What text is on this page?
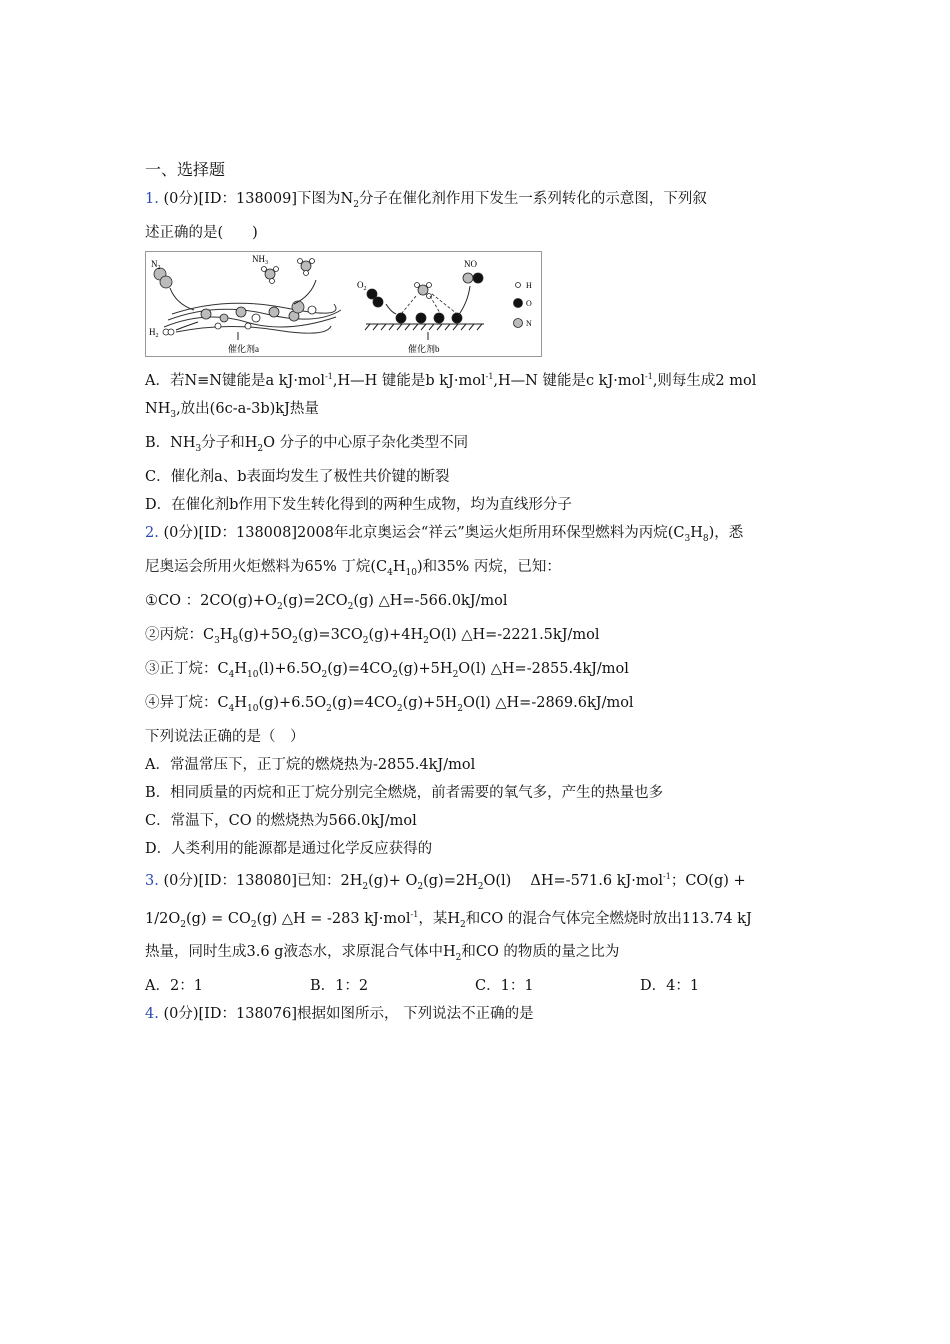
一、选择题
1. (0分)[ID：138009]下图为$N_2$分子在催化剂作用下发生一系列转化的示意图，下列叙
述正确的是(　　)
$N_2$
$H_2$
$NH_3$
催化剂a
$O_2$
NO
催化剂b
H
O
N
A．若N≡N键能是a kJ·mol$^{-1}$,H—H 键能是b kJ·mol$^{-1}$,H—N 键能是c kJ·mol$^{-1}$,则每生成2 mol
$NH_3$,放出(6c-a-3b)kJ热量
B．$NH_3$分子和$H_2O$ 分子的中心原子杂化类型不同
C．催化剂a、b表面均发生了极性共价键的断裂
D．在催化剂b作用下发生转化得到的两种生成物，均为直线形分子
2. (0分)[ID：138008]2008年北京奥运会“祥云”奥运火炬所用环保型燃料为丙烷$(C_3H_8)$，悉
尼奥运会所用火炬燃料为65% 丁烷$(C_4H_{10})$和35% 丙烷，已知：
①CO ：$2CO(g)+O_2(g)=2CO_2(g)$ △H=-566.0kJ/mol
②丙烷：$C_3H_8(g)+5O_2(g)=3CO_2(g)+4H_2O(l)$ △H=-2221.5kJ/mol
③正丁烷：$C_4H_{10}(l)+6.5O_2(g)=4CO_2(g)+5H_2O(l)$ △H=-2855.4kJ/mol
④异丁烷：$C_4H_{10}(g)+6.5O_2(g)=4CO_2(g)+5H_2O(l)$ △H=-2869.6kJ/mol
下列说法正确的是（　）
A．常温常压下，正丁烷的燃烧热为-2855.4kJ/mol
B．相同质量的丙烷和正丁烷分别完全燃烧，前者需要的氧气多，产生的热量也多
C．常温下，CO 的燃烧热为566.0kJ/mol
D．人类利用的能源都是通过化学反应获得的
3. (0分)[ID：138080]已知：$2H_2(g)+ O_2(g)=2H_2O(l)$　 ΔH=-571.6 kJ·mol$^{-1}$；CO(g) +
$1/2O_2(g) = CO_2(g)$ △H = -283 kJ·mol$^{-1}$，某$H_2$和CO 的混合气体完全燃烧时放出113.74 kJ
热量，同时生成3.6 g液态水，求原混合气体中$H_2$和CO 的物质的量之比为
A．2：1	B．1：2	C．1：1	D．4：1
4. (0分)[ID：138076]根据如图所示， 下列说法不正确的是
